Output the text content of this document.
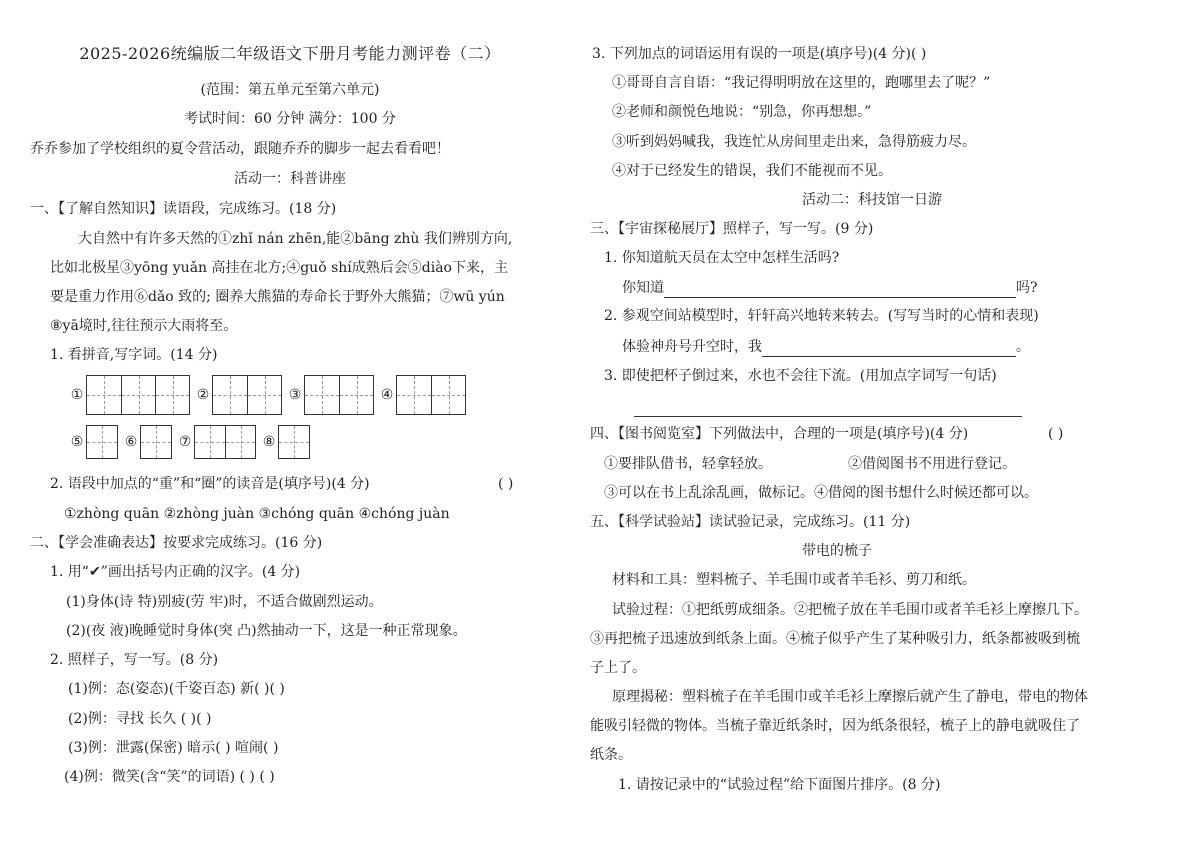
2025-2026统编版二年级语文下册月考能力测评卷（二）
(范围：第五单元至第六单元)
考试时间：60 分钟 满分：100 分
乔乔参加了学校组织的夏令营活动，跟随乔乔的脚步一起去看看吧！
活动一：科普讲座
一、【了解自然知识】读语段，完成练习。(18 分)
大自然中有许多天然的①zhǐ nán zhēn,能②bāng zhù 我们辨別方向,
比如北极星③yōng yuǎn 高挂在北方;④guǒ shí成熟后会⑤diào下来，主
要是重力作用⑥dǎo 致的; 圈养大熊猫的寿命长于野外大熊猫；⑦wū yún
⑧yā境时,往往预示大雨将至。
1. 看拼音,写字词。(14 分)
①	②	③	④
⑤	⑥	⑦	⑧
2. 语段中加点的“重”和“圈”的读音是(填序号)(4 分)	( )
①zhòng quān ②zhòng juàn ③chóng quān ④chóng juàn
二、【学会准确表达】按要求完成练习。(16 分)
1. 用“✔”画出括号内正确的汉字。(4 分)
(1)身体(诗 特)别疲(劳 牢)时，不适合做剧烈运动。
(2)(夜 液)晚睡觉时身体(突 凸)然抽动一下，这是一种正常现象。
2. 照样子，写一写。(8 分)
(1)例：态(姿态)(千姿百态) 新( )( )
(2)例：寻找 长久 ( )( )
(3)例：泄露(保密) 暗示( ) 喧闹( )
(4)例：微笑(含“笑”的词语) ( ) ( )
3. 下列加点的词语运用有误的一项是(填序号)(4 分)( )
①哥哥自言自语：“我记得明明放在这里的，跑哪里去了呢？”
②老师和颜悦色地说：“别急，你再想想。”
③听到妈妈喊我，我连忙从房间里走出来，急得筋疲力尽。
④对于已经发生的错误，我们不能视而不见。
活动二：科技馆一日游
三、【宇宙探秘展厅】照样子，写一写。(9 分)
1. 你知道航天员在太空中怎样生活吗?
你知道	吗?
2. 参观空间站模型时，轩轩高兴地转来转去。(写写当时的心情和表现)
体验神舟号升空时，我	。
3. 即使把杯子倒过来，水也不会往下流。(用加点字词写一句话)

四、【图书阅览室】下列做法中，合理的一项是(填序号)(4 分)	( )
①要排队借书，轻拿轻放。	②借阅图书不用进行登记。
③可以在书上乱涂乱画，做标记。④借阅的图书想什么时候还都可以。
五、【科学试验站】读试验记录，完成练习。(11 分)
带电的梳子
材料和工具：塑料梳子、羊毛围巾或者羊毛衫、剪刀和纸。
试验过程：①把纸剪成细条。②把梳子放在羊毛围巾或者羊毛衫上摩擦几下。
③再把梳子迅速放到纸条上面。④梳子似乎产生了某种吸引力，纸条都被吸到梳
子上了。
原理揭秘：塑料梳子在羊毛围巾或羊毛衫上摩擦后就产生了静电，带电的物体
能吸引轻微的物体。当梳子靠近纸条时，因为纸条很轻，梳子上的静电就吸住了
纸条。
1. 请按记录中的“试验过程”给下面图片排序。(8 分)
